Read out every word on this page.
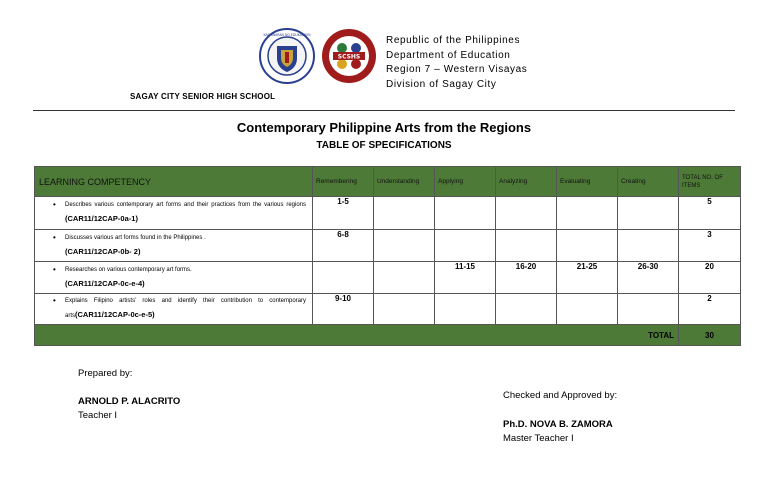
KAGAWARAN NG EDUKASYON
SCSHS
Republic of the Philippines
Department of Education
Region 7 – Western Visayas
Division of Sagay City
SAGAY CITY SENIOR HIGH SCHOOL
Contemporary Philippine Arts from the Regions
TABLE OF SPECIFICATIONS
LEARNING COMPETENCY	Remembering	Understanding	Applying	Analyzing	Evaluating	Creating	TOTAL NO. OF ITEMS

• Describes various contemporary art forms and their practices from the various regions (CAR11/12CAP-0a-1)	1-5						5

• Discusses various art forms found in the Philippines .
(CAR11/12CAP-0b- 2)	6-8						3

• Researches on various contemporary art forms.
(CAR11/12CAP-0c-e-4)			11-15	16-20	21-25	26-30	20

• Explains Filipino artists’ roles and identify their contribution to contemporary arts(CAR11/12CAP-0c-e-5)	9-10						2
TOTAL							30
Prepared by:
ARNOLD P. ALACRITO
Teacher I
Checked and Approved by:
Ph.D. NOVA B. ZAMORA
Master Teacher I
